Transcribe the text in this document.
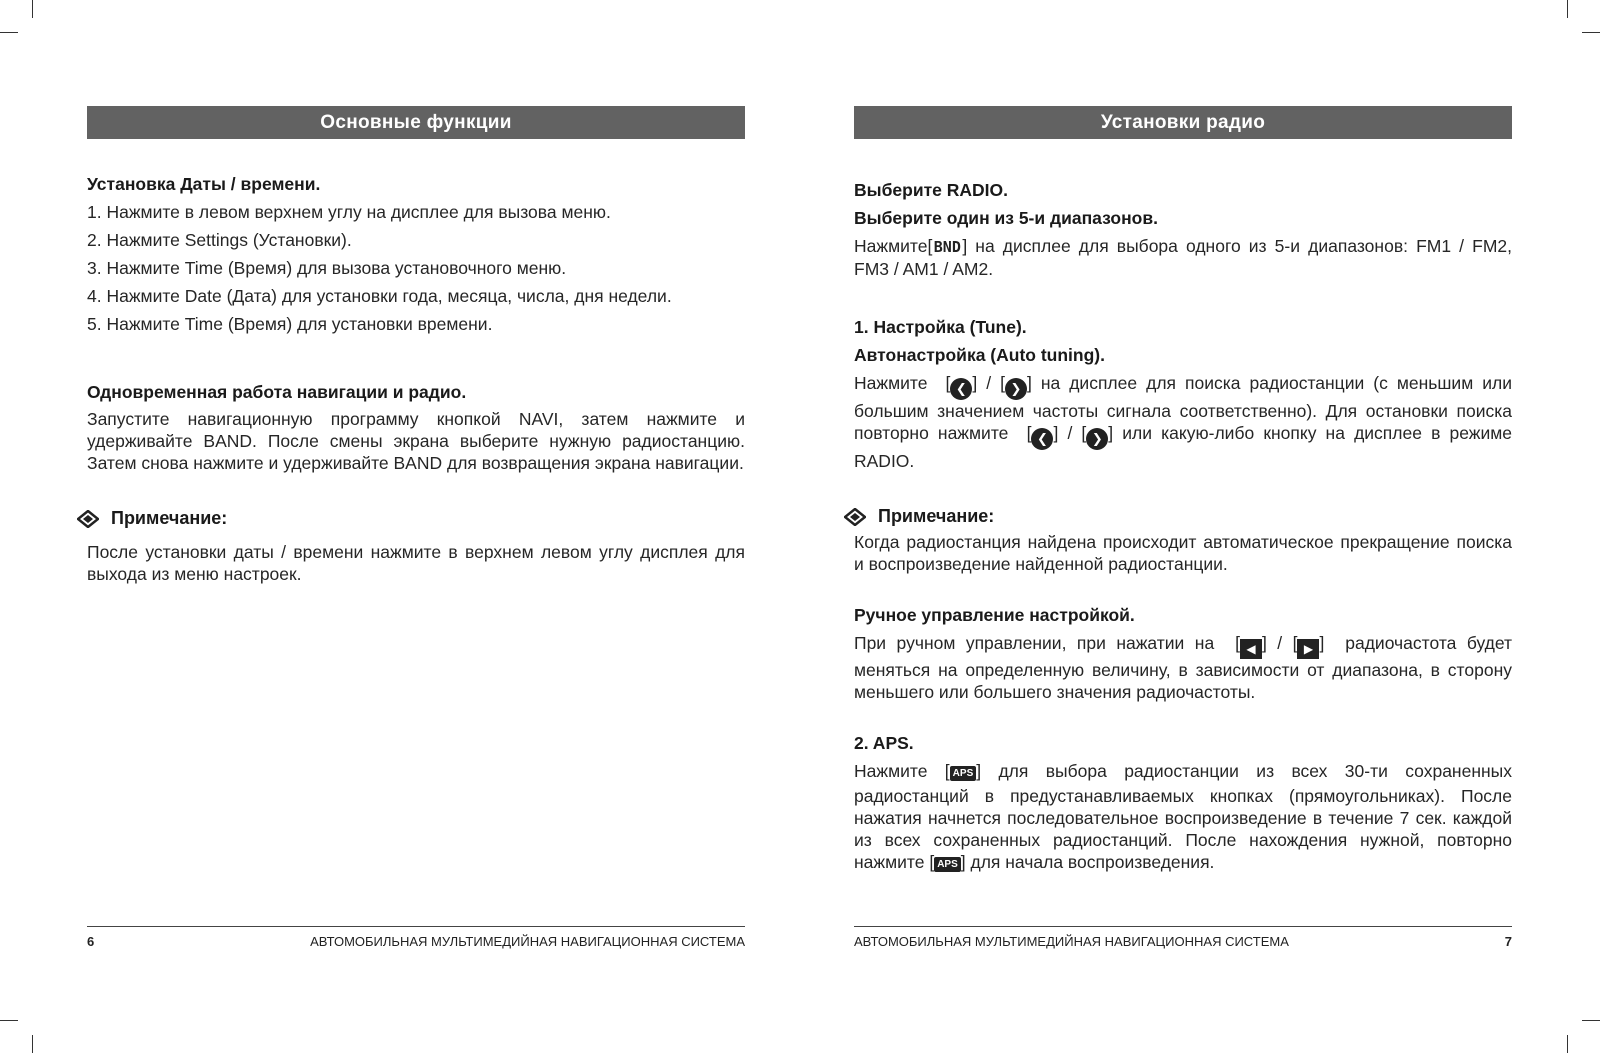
Основные функции

Установка Даты / времени.

1. Нажмите в левом верхнем углу на дисплее для вызова меню.

2. Нажмите Settings (Установки).

3. Нажмите Time (Время) для вызова установочного меню.

4. Нажмите Date (Дата) для установки года, месяца, числа, дня недели.

5. Нажмите Time (Время) для установки времени.

Одновременная работа навигации и радио.

Запустите навигационную программу кнопкой NAVI, затем нажмите и удерживайте BAND. После смены экрана выберите нужную радиостанцию. Затем снова нажмите и удерживайте BAND для возвращения экрана навигации.

Примечание:

После установки даты / времени нажмите в верхнем левом углу дисплея для выхода из меню настроек.

6	АВТОМОБИЛЬНАЯ МУЛЬТИМЕДИЙНАЯ НАВИГАЦИОННАЯ СИСТЕМА
Установки радио

Выберите RADIO.

Выберите один из 5-и диапазонов.

Нажмите[ BND ] на дисплее для выбора одного из 5-и диапазонов: FM1 / FM2, FM3 / AM1 / AM2.

1. Настройка (Tune).

Автонастройка (Auto tuning).

Нажмите  [ ❮ ] / [ ❯ ] на дисплее для поиска радиостанции (с меньшим или большим значением частоты сигнала соответственно). Для остановки поиска повторно нажмите  [ ❮ ] / [ ❯ ] или какую-либо кнопку на дисплее в режиме RADIO.

Примечание:

Когда радиостанция найдена происходит автоматическое прекращение поиска и воспроизведение найденной радиостанции.

Ручное управление настройкой.

При ручном управлении, при нажатии на  [ ◀ ] / [ ▶ ]  радиочастота будет меняться на определенную величину, в зависимости от диапазона, в сторону меньшего или большего значения радиочастоты.

2. APS.

Нажмите [ APS ] для выбора радиостанции из всех 30-ти сохраненных радиостанций в предустанавливаемых кнопках (прямоугольниках). После нажатия начнется последовательное воспроизведение в течение 7 сек. каждой из всех сохраненных радиостанций. После нахождения нужной, повторно нажмите [ APS ] для начала воспроизведения.

АВТОМОБИЛЬНАЯ МУЛЬТИМЕДИЙНАЯ НАВИГАЦИОННАЯ СИСТЕМА	7
